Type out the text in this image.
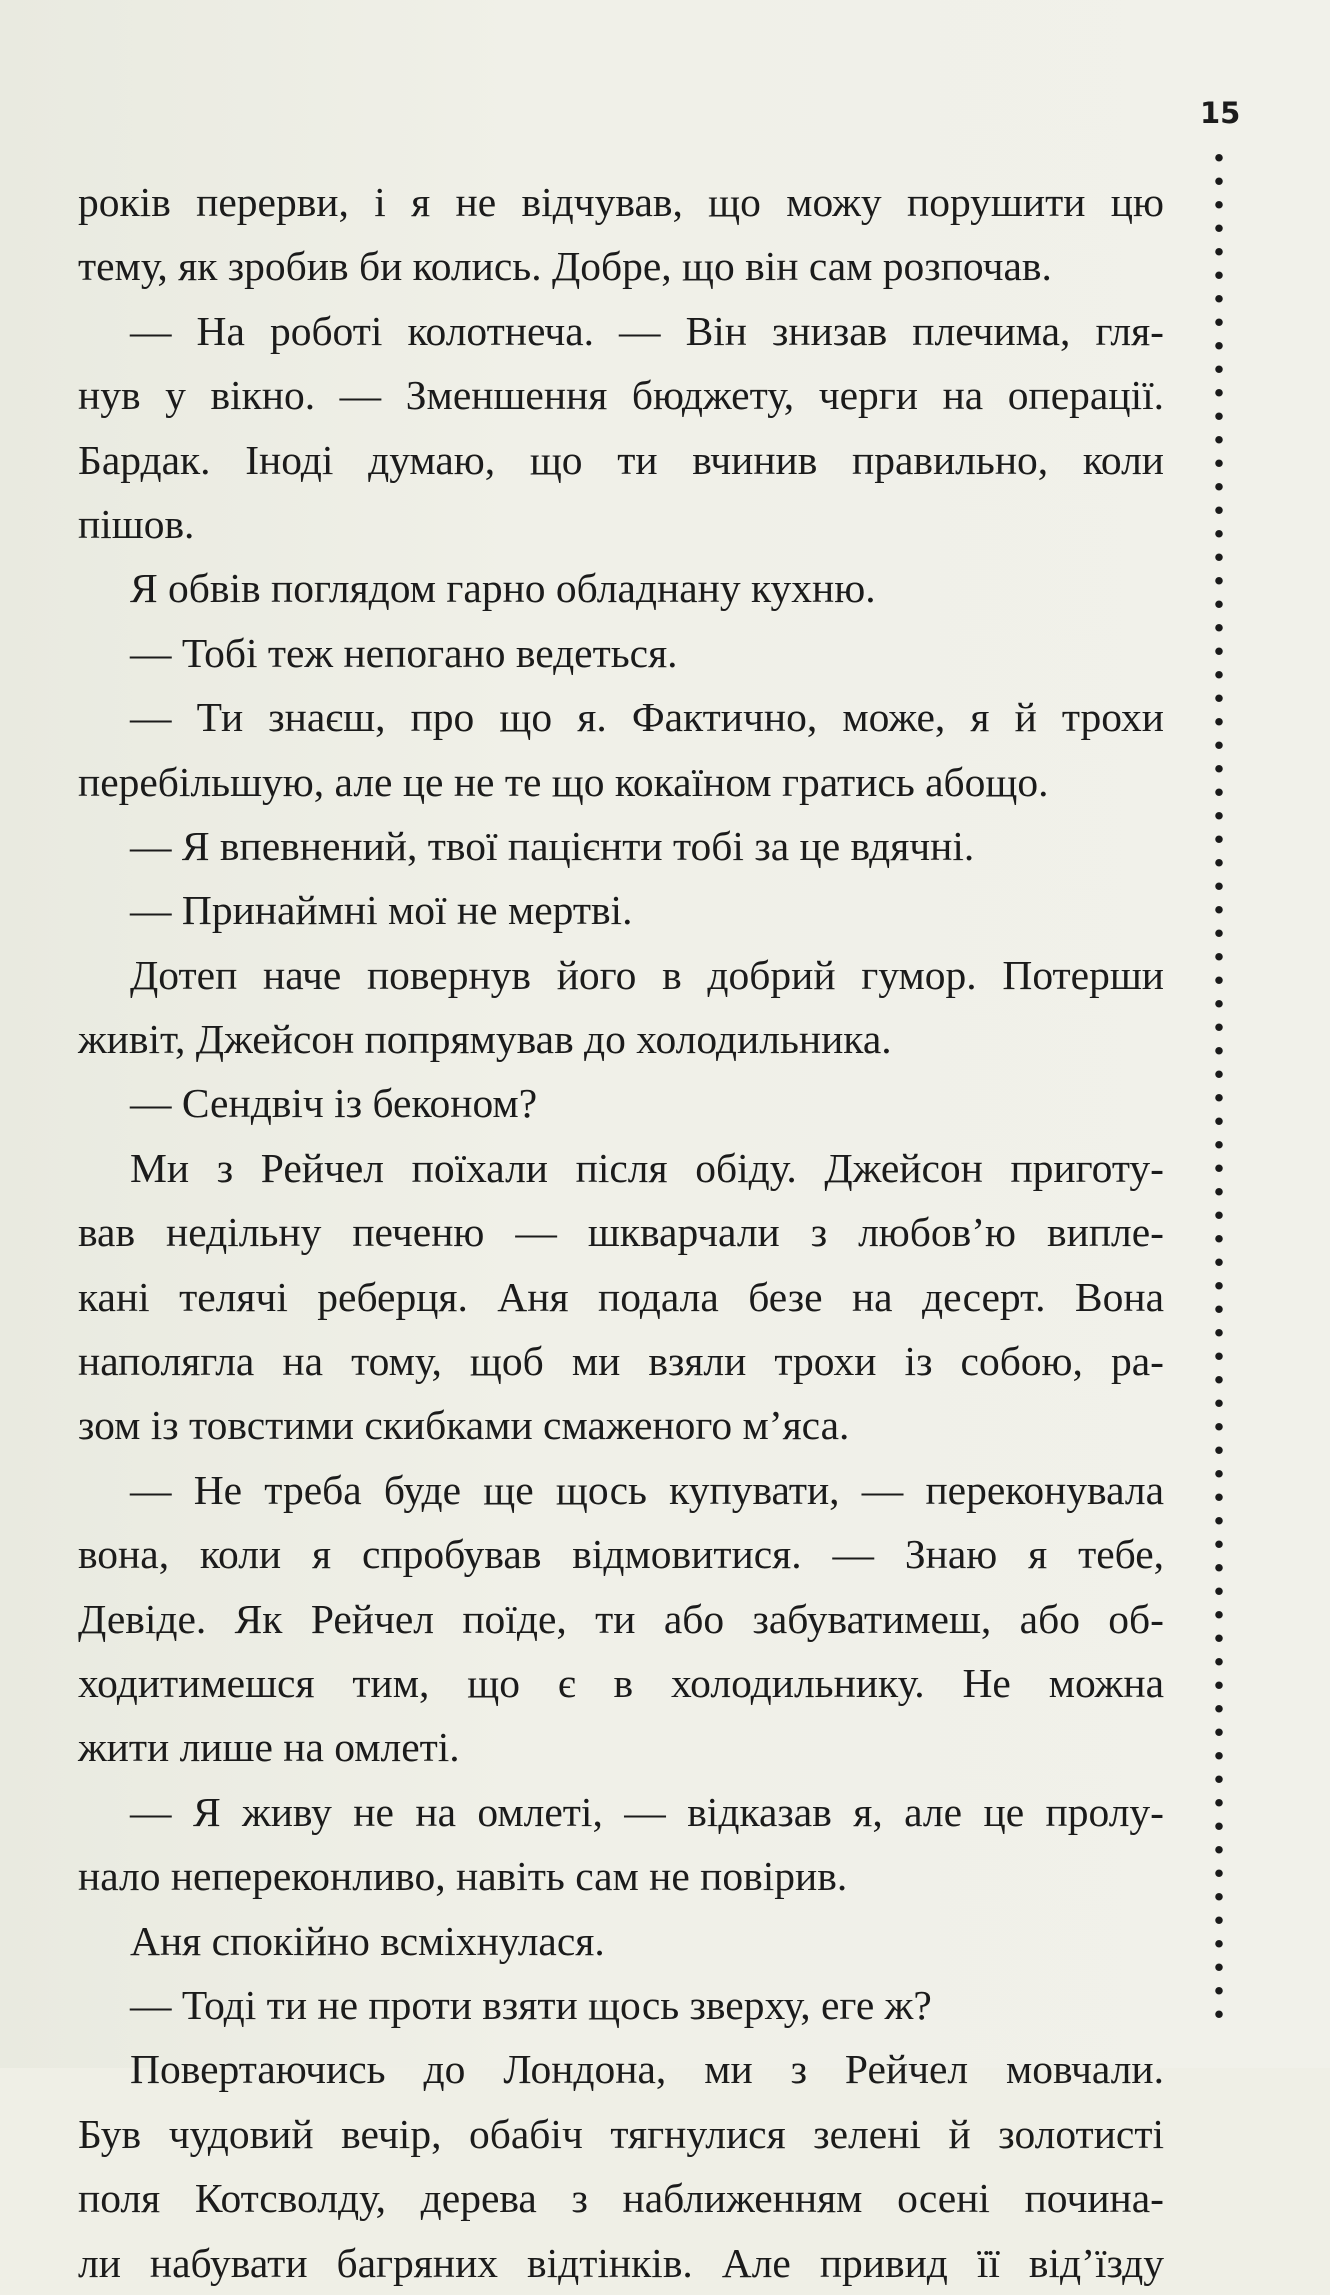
15
років перерви, і я не відчував, що можу порушити цю
тему, як зробив би колись. Добре, що він сам розпочав.
— На роботі колотнеча. — Він знизав плечима, гля-
нув у вікно. — Зменшення бюджету, черги на операції.
Бардак. Іноді думаю, що ти вчинив правильно, коли
пішов.
Я обвів поглядом гарно обладнану кухню.
— Тобі теж непогано ведеться.
— Ти знаєш, про що я. Фактично, може, я й трохи
перебільшую, але це не те що кокаїном гратись абощо.
— Я впевнений, твої пацієнти тобі за це вдячні.
— Принаймні мої не мертві.
Дотеп наче повернув його в добрий гумор. Потерши
живіт, Джейсон попрямував до холодильника.
— Сендвіч із беконом?
Ми з Рейчел поїхали після обіду. Джейсон приготу-
вав недільну печеню — шкварчали з любов’ю випле-
кані телячі реберця. Аня подала безе на десерт. Вона
наполягла на тому, щоб ми взяли трохи із собою, ра-
зом із товстими скибками смаженого м’яса.
— Не треба буде ще щось купувати, — переконувала
вона, коли я спробував відмовитися. — Знаю я тебе,
Девіде. Як Рейчел поїде, ти або забуватимеш, або об-
ходитимешся тим, що є в холодильнику. Не можна
жити лише на омлеті.
— Я живу не на омлеті, — відказав я, але це пролу-
нало непереконливо, навіть сам не повірив.
Аня спокійно всміхнулася.
— Тоді ти не проти взяти щось зверху, еге ж?
Повертаючись до Лондона, ми з Рейчел мовчали.
Був чудовий вечір, обабіч тягнулися зелені й золотисті
поля Котсволду, дерева з наближенням осені почина-
ли набувати багряних відтінків. Але привид її від’їзду
